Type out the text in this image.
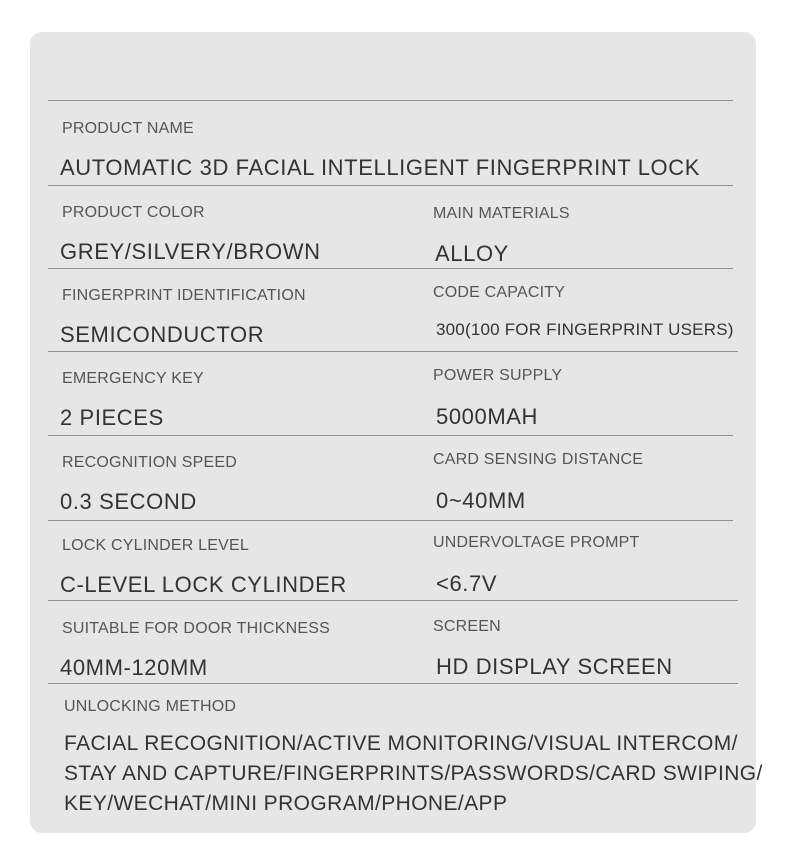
PRODUCT NAME
AUTOMATIC 3D FACIAL INTELLIGENT FINGERPRINT LOCK
PRODUCT COLOR
GREY/SILVERY/BROWN
MAIN MATERIALS
ALLOY
FINGERPRINT IDENTIFICATION
SEMICONDUCTOR
CODE CAPACITY
300(100 FOR FINGERPRINT USERS)
EMERGENCY KEY
2 PIECES
POWER SUPPLY
5000MAH
RECOGNITION SPEED
0.3 SECOND
CARD SENSING DISTANCE
0~40MM
LOCK CYLINDER LEVEL
C-LEVEL LOCK CYLINDER
UNDERVOLTAGE PROMPT
<6.7V
SUITABLE FOR DOOR THICKNESS
40MM-120MM
SCREEN
HD DISPLAY SCREEN
UNLOCKING METHOD
FACIAL RECOGNITION/ACTIVE MONITORING/VISUAL INTERCOM/
STAY AND CAPTURE/FINGERPRINTS/PASSWORDS/CARD SWIPING/
KEY/WECHAT/MINI PROGRAM/PHONE/APP
